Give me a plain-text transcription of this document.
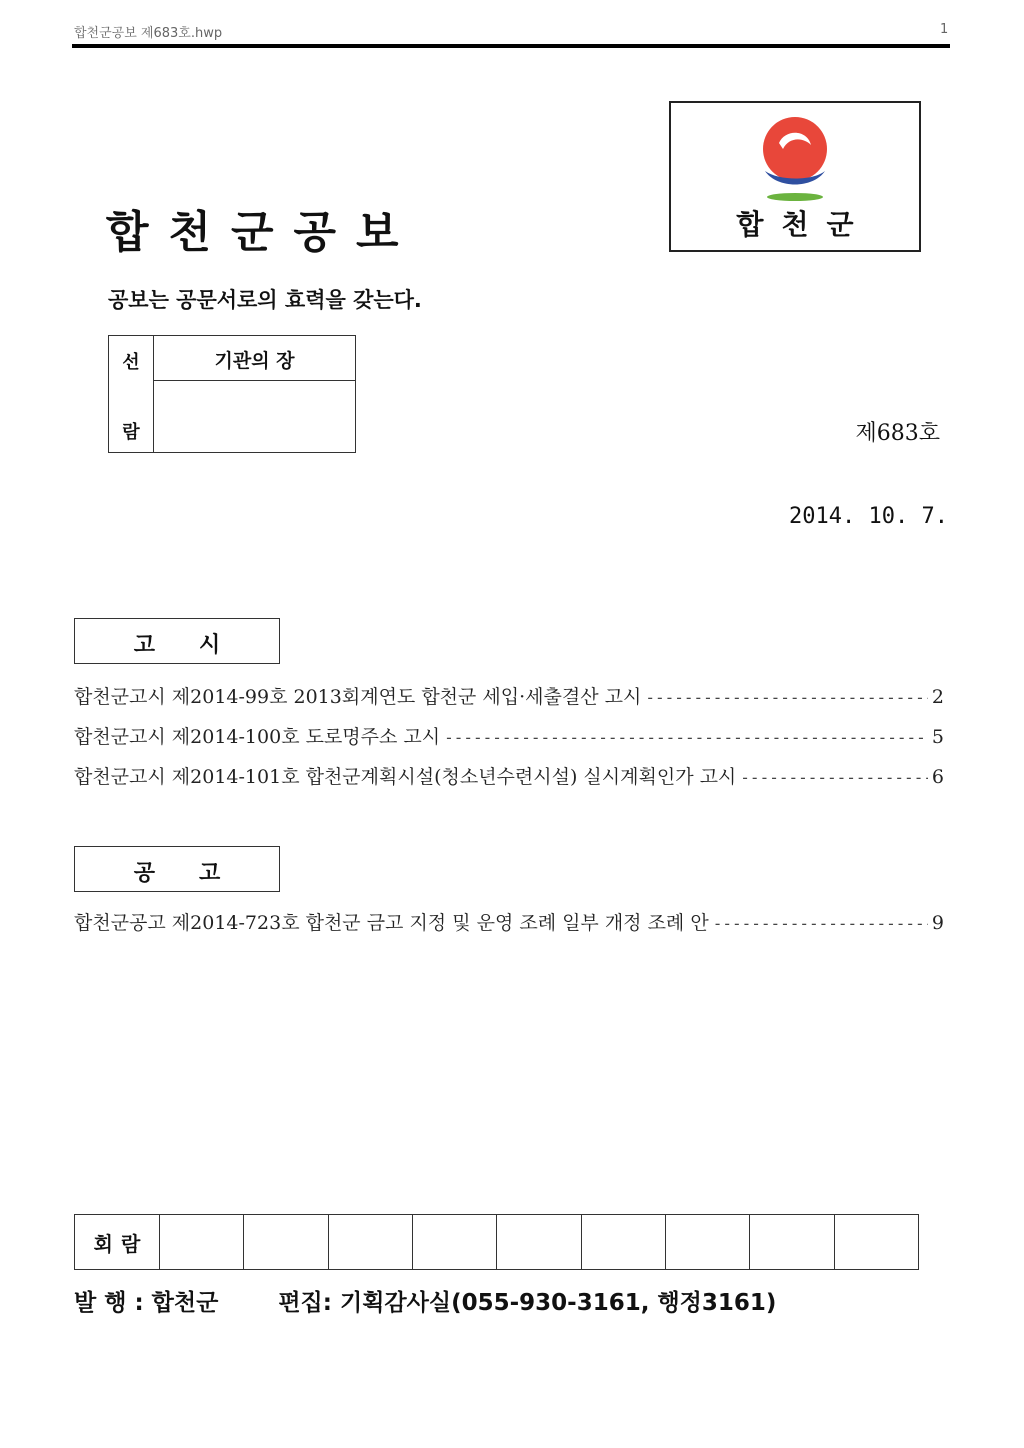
합천군공보 제683호.hwp	1
합천군공보
공보는 공문서로의 효력을 갖는다.
합천군
선
람
기관의 장
제683호
2014. 10. 7.
고시
합천군고시 제2014-99호 2013회계연도 합천군 세입·세출결산 고시 -----	2
합천군고시 제2014-100호 도로명주소 고시 -----	5
합천군고시 제2014-101호 합천군계획시설(청소년수련시설) 실시계획인가 고시 -----	6
공고
합천군공고 제2014-723호 합천군 금고 지정 및 운영 조례 일부 개정 조례 안 -----	9
회람
발 행 : 합천군	편집: 기획감사실(055-930-3161, 행정3161)
